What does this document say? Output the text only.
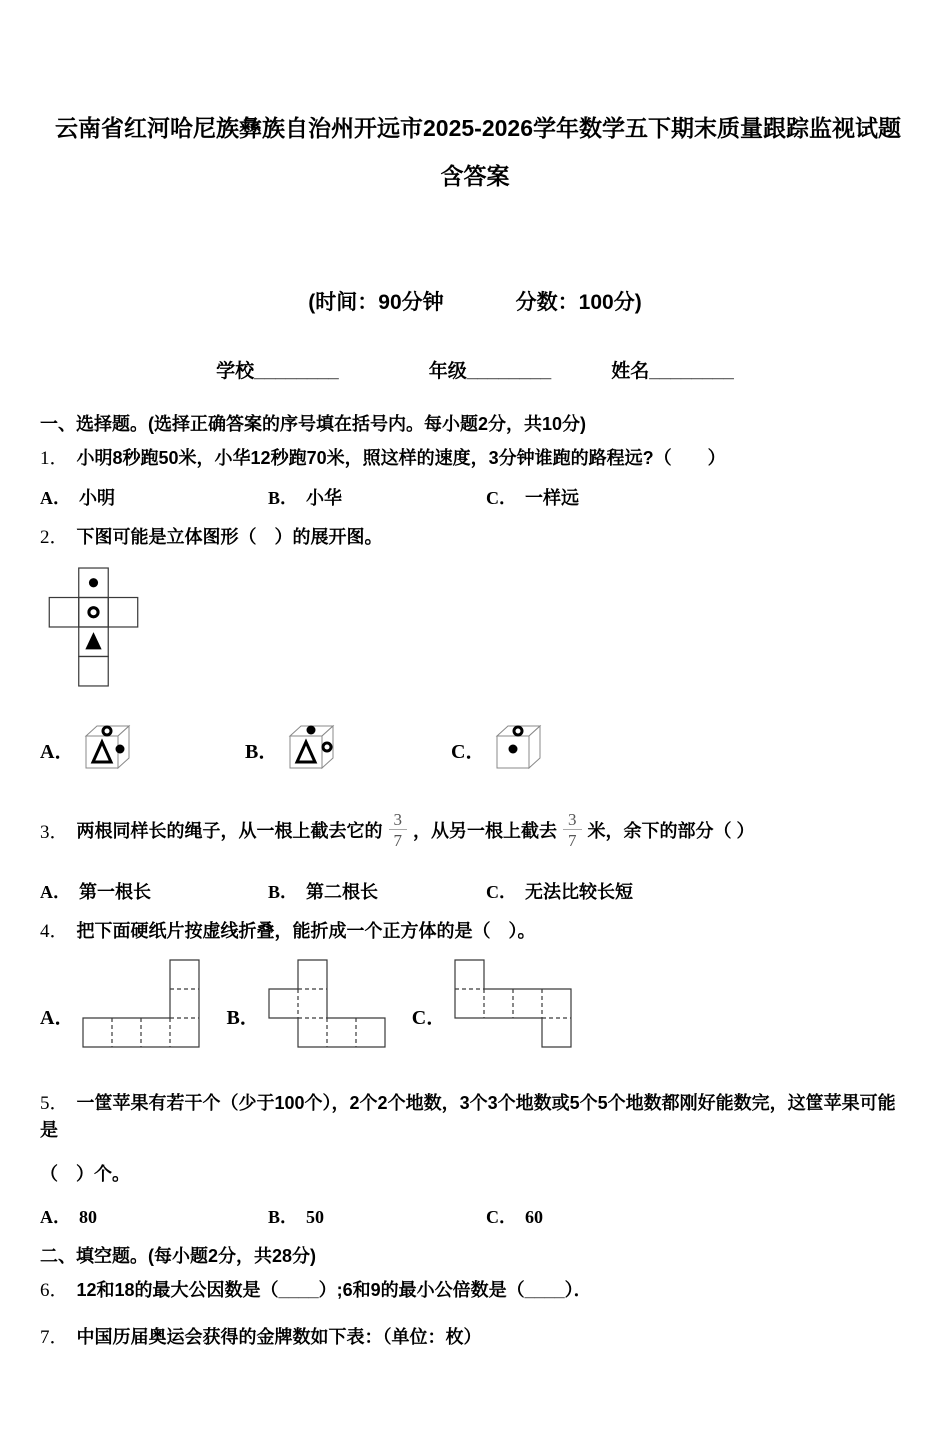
云南省红河哈尼族彝族自治州开远市2025-2026学年数学五下期末质量跟踪监视试题
含答案
(时间：90分钟	分数：100分)
学校________	年级________	姓名________
一、选择题。(选择正确答案的序号填在括号内。每小题2分，共10分)
1． 小明8秒跑50米，小华12秒跑70米，照这样的速度，3分钟谁跑的路程远?（　　）
A． 小明	B． 小华	C． 一样远
2． 下图可能是立体图形（　）的展开图。
A．	B．	C．
3． 两根同样长的绳子，从一根上截去它的 $\frac{3}{7}$ ，从另一根上截去 $\frac{3}{7}$ 米，余下的部分（ ）
A． 第一根长	B． 第二根长	C． 无法比较长短
4． 把下面硬纸片按虚线折叠，能折成一个正方体的是（　）。
A．	B．	C．
5． 一筐苹果有若干个（少于100个），2个2个地数，3个3个地数或5个5个地数都刚好能数完，这筐苹果可能是
（　）个。
A． 80	B． 50	C． 60
二、填空题。(每小题2分，共28分)
6． 12和18的最大公因数是（____）;6和9的最小公倍数是（____）．
7． 中国历届奥运会获得的金牌数如下表：（单位：枚）
